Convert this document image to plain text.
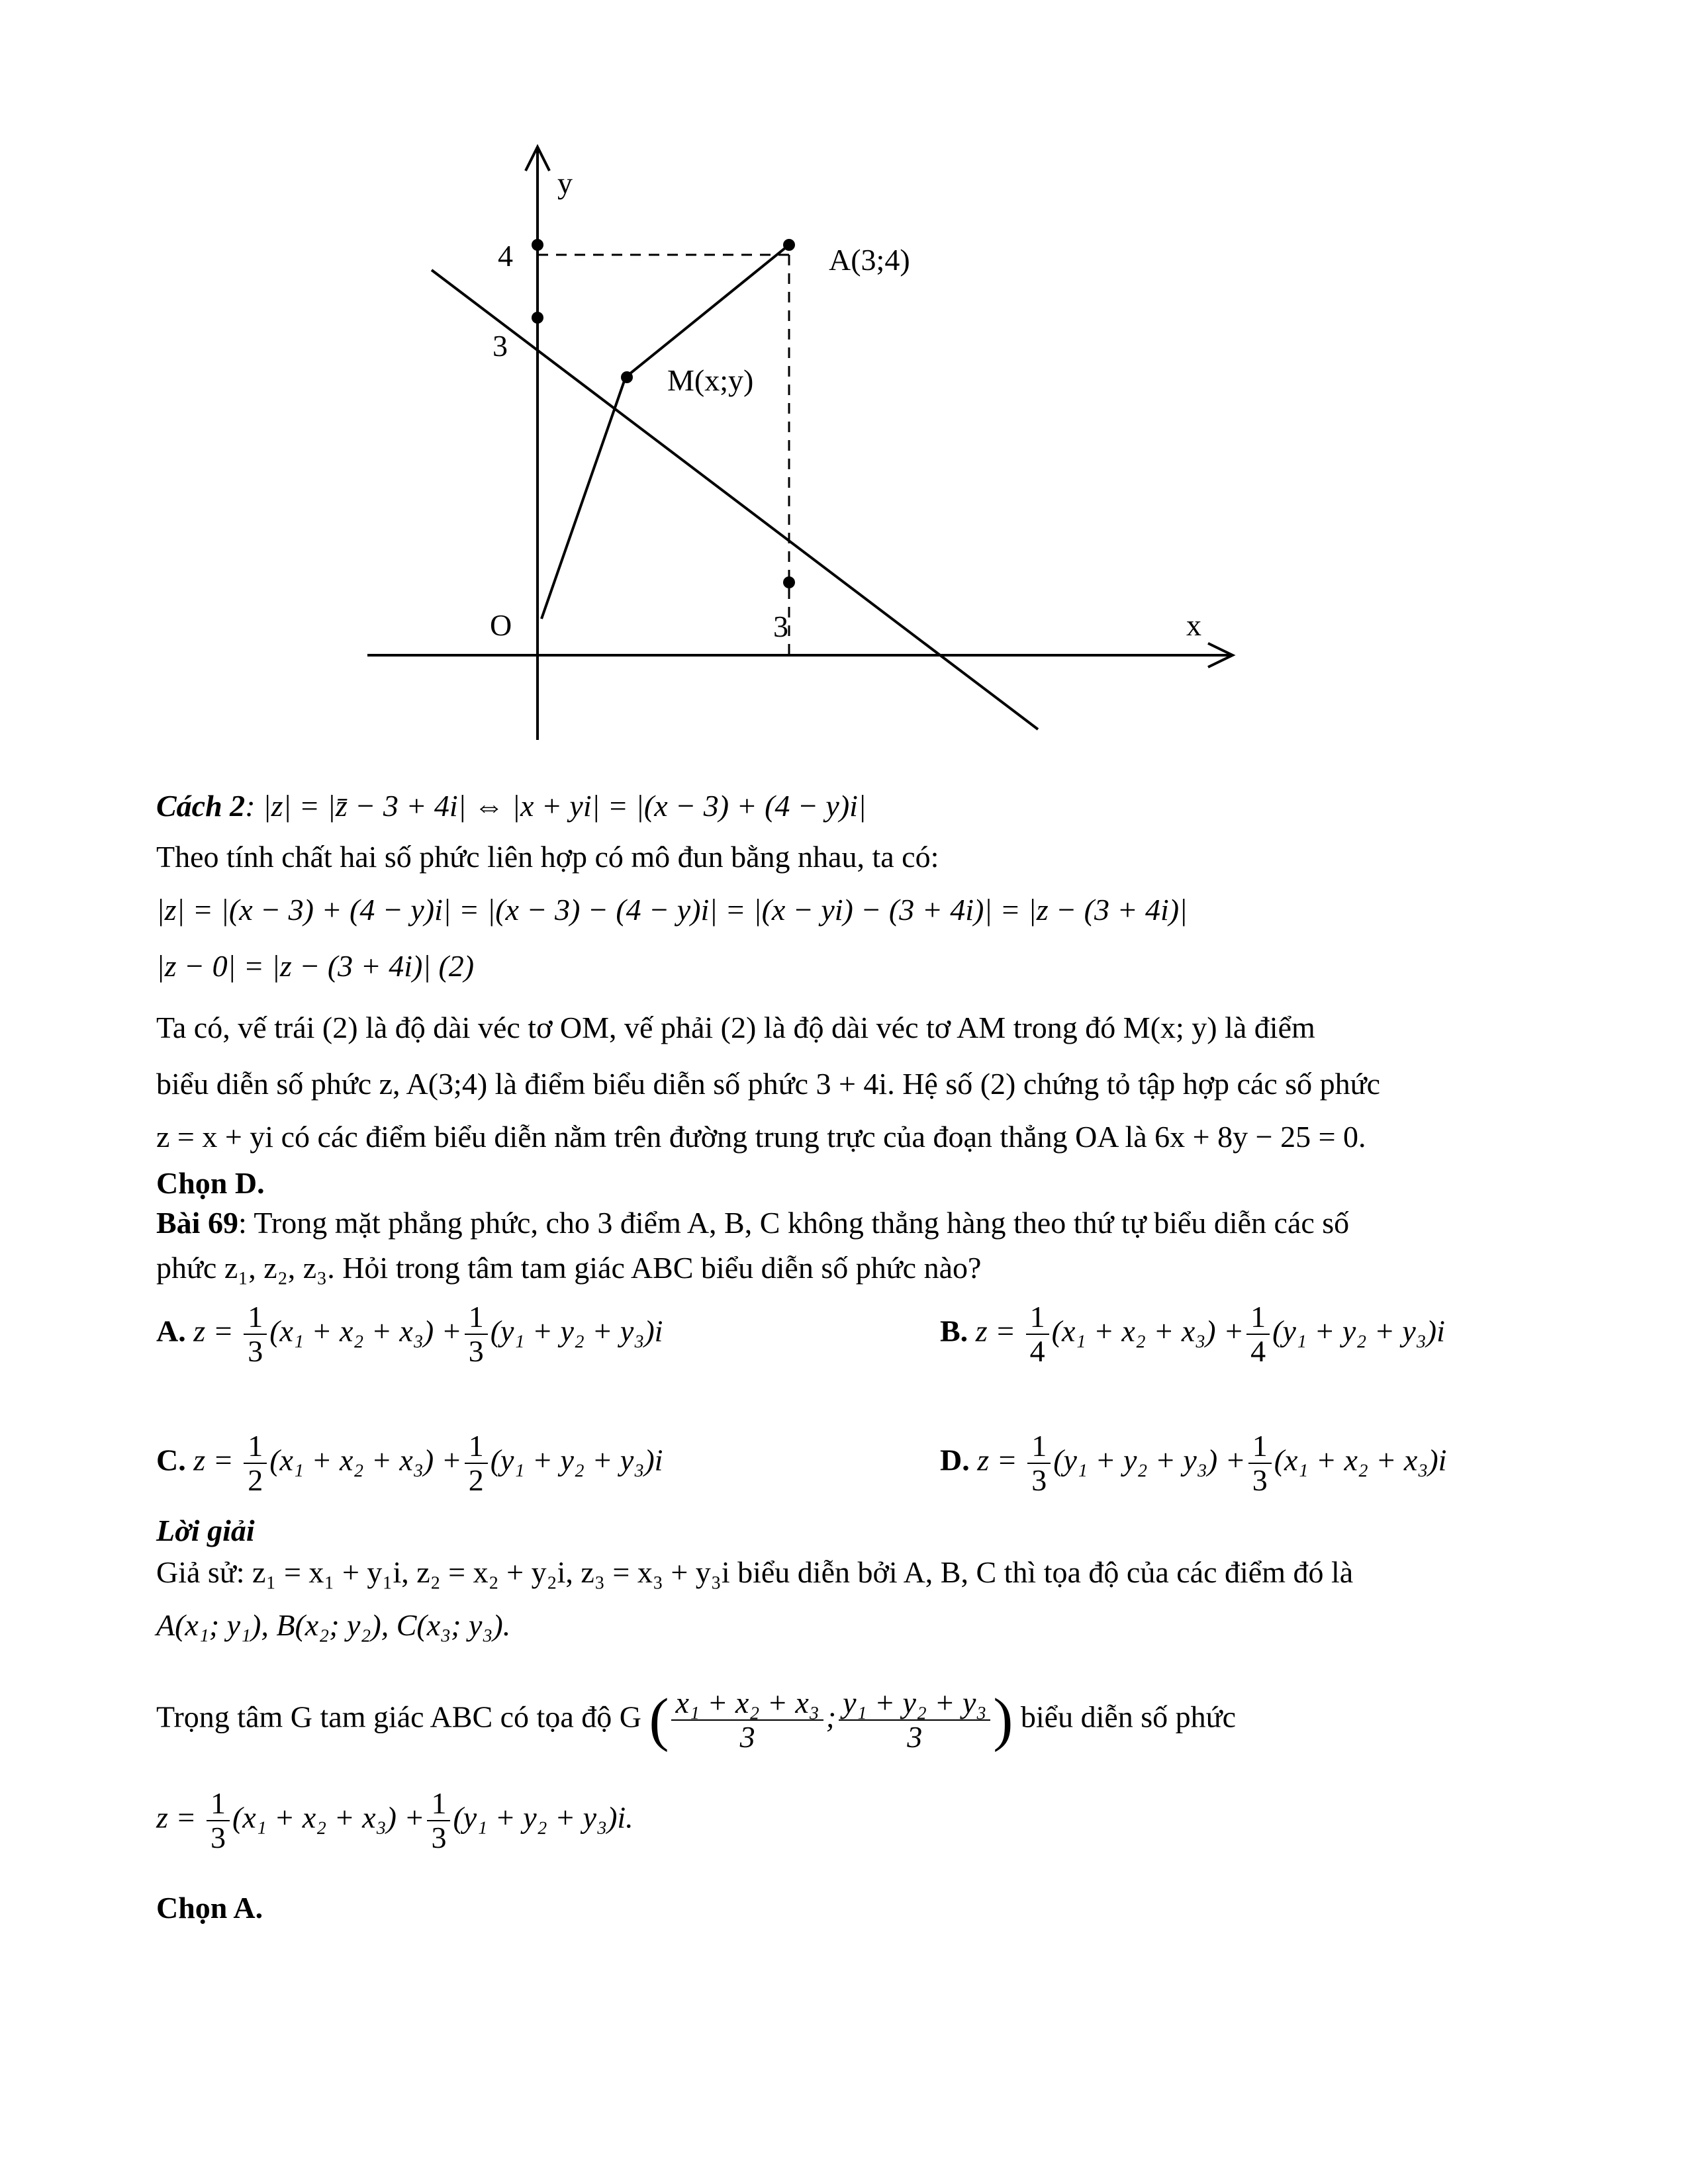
y
x
O
4
3
3
A(3;4)
M(x;y)
Cách 2: |z| = |z̄ − 3 + 4i| ⇔ |x + yi| = |(x − 3) + (4 − y)i|
Theo tính chất hai số phức liên hợp có mô đun bằng nhau, ta có:
|z| = |(x − 3) + (4 − y)i| = |(x − 3) − (4 − y)i| = |(x − yi) − (3 + 4i)| = |z − (3 + 4i)|
|z − 0| = |z − (3 + 4i)| (2)
Ta có, vế trái (2) là độ dài véc tơ OM, vế phải (2) là độ dài véc tơ AM trong đó M(x; y) là điểm
biểu diễn số phức z, A(3;4) là điểm biểu diễn số phức 3 + 4i. Hệ số (2) chứng tỏ tập hợp các số phức
z = x + yi có các điểm biểu diễn nằm trên đường trung trực của đoạn thẳng OA là 6x + 8y − 25 = 0.
Chọn D.
Bài 69: Trong mặt phẳng phức, cho 3 điểm A, B, C không thẳng hàng theo thứ tự biểu diễn các số
phức z₁, z₂, z₃. Hỏi trong tâm tam giác ABC biểu diễn số phức nào?
A. $z = \frac{1}{3} (x_1 + x_2 + x_3) + \frac{1}{3} (y_1 + y_2 + y_3)i$	B. $z = \frac{1}{4} (x_1 + x_2 + x_3) + \frac{1}{4} (y_1 + y_2 + y_3)i$
C. $z = \frac{1}{2} (x_1 + x_2 + x_3) + \frac{1}{2} (y_1 + y_2 + y_3)i$	D. $z = \frac{1}{3} (y_1 + y_2 + y_3) + \frac{1}{3} (x_1 + x_2 + x_3)i$
Lời giải
Giả sử: z₁ = x₁ + y₁i, z₂ = x₂ + y₂i, z₃ = x₃ + y₃i biểu diễn bởi A, B, C thì tọa độ của các điểm đó là
A(x₁; y₁), B(x₂; y₂), C(x₃; y₃).
Trọng tâm G tam giác ABC có tọa độ G ( $\frac{\text{x₁ + x₂ + x₃}}{3}$ ; $\frac{\text{y₁ + y₂ + y₃}}{3}$ ) biểu diễn số phức
$z = \frac{1}{3} (x_1 + x_2 + x_3) + \frac{1}{3} (y_1 + y_2 + y_3)i$.
Chọn A.
